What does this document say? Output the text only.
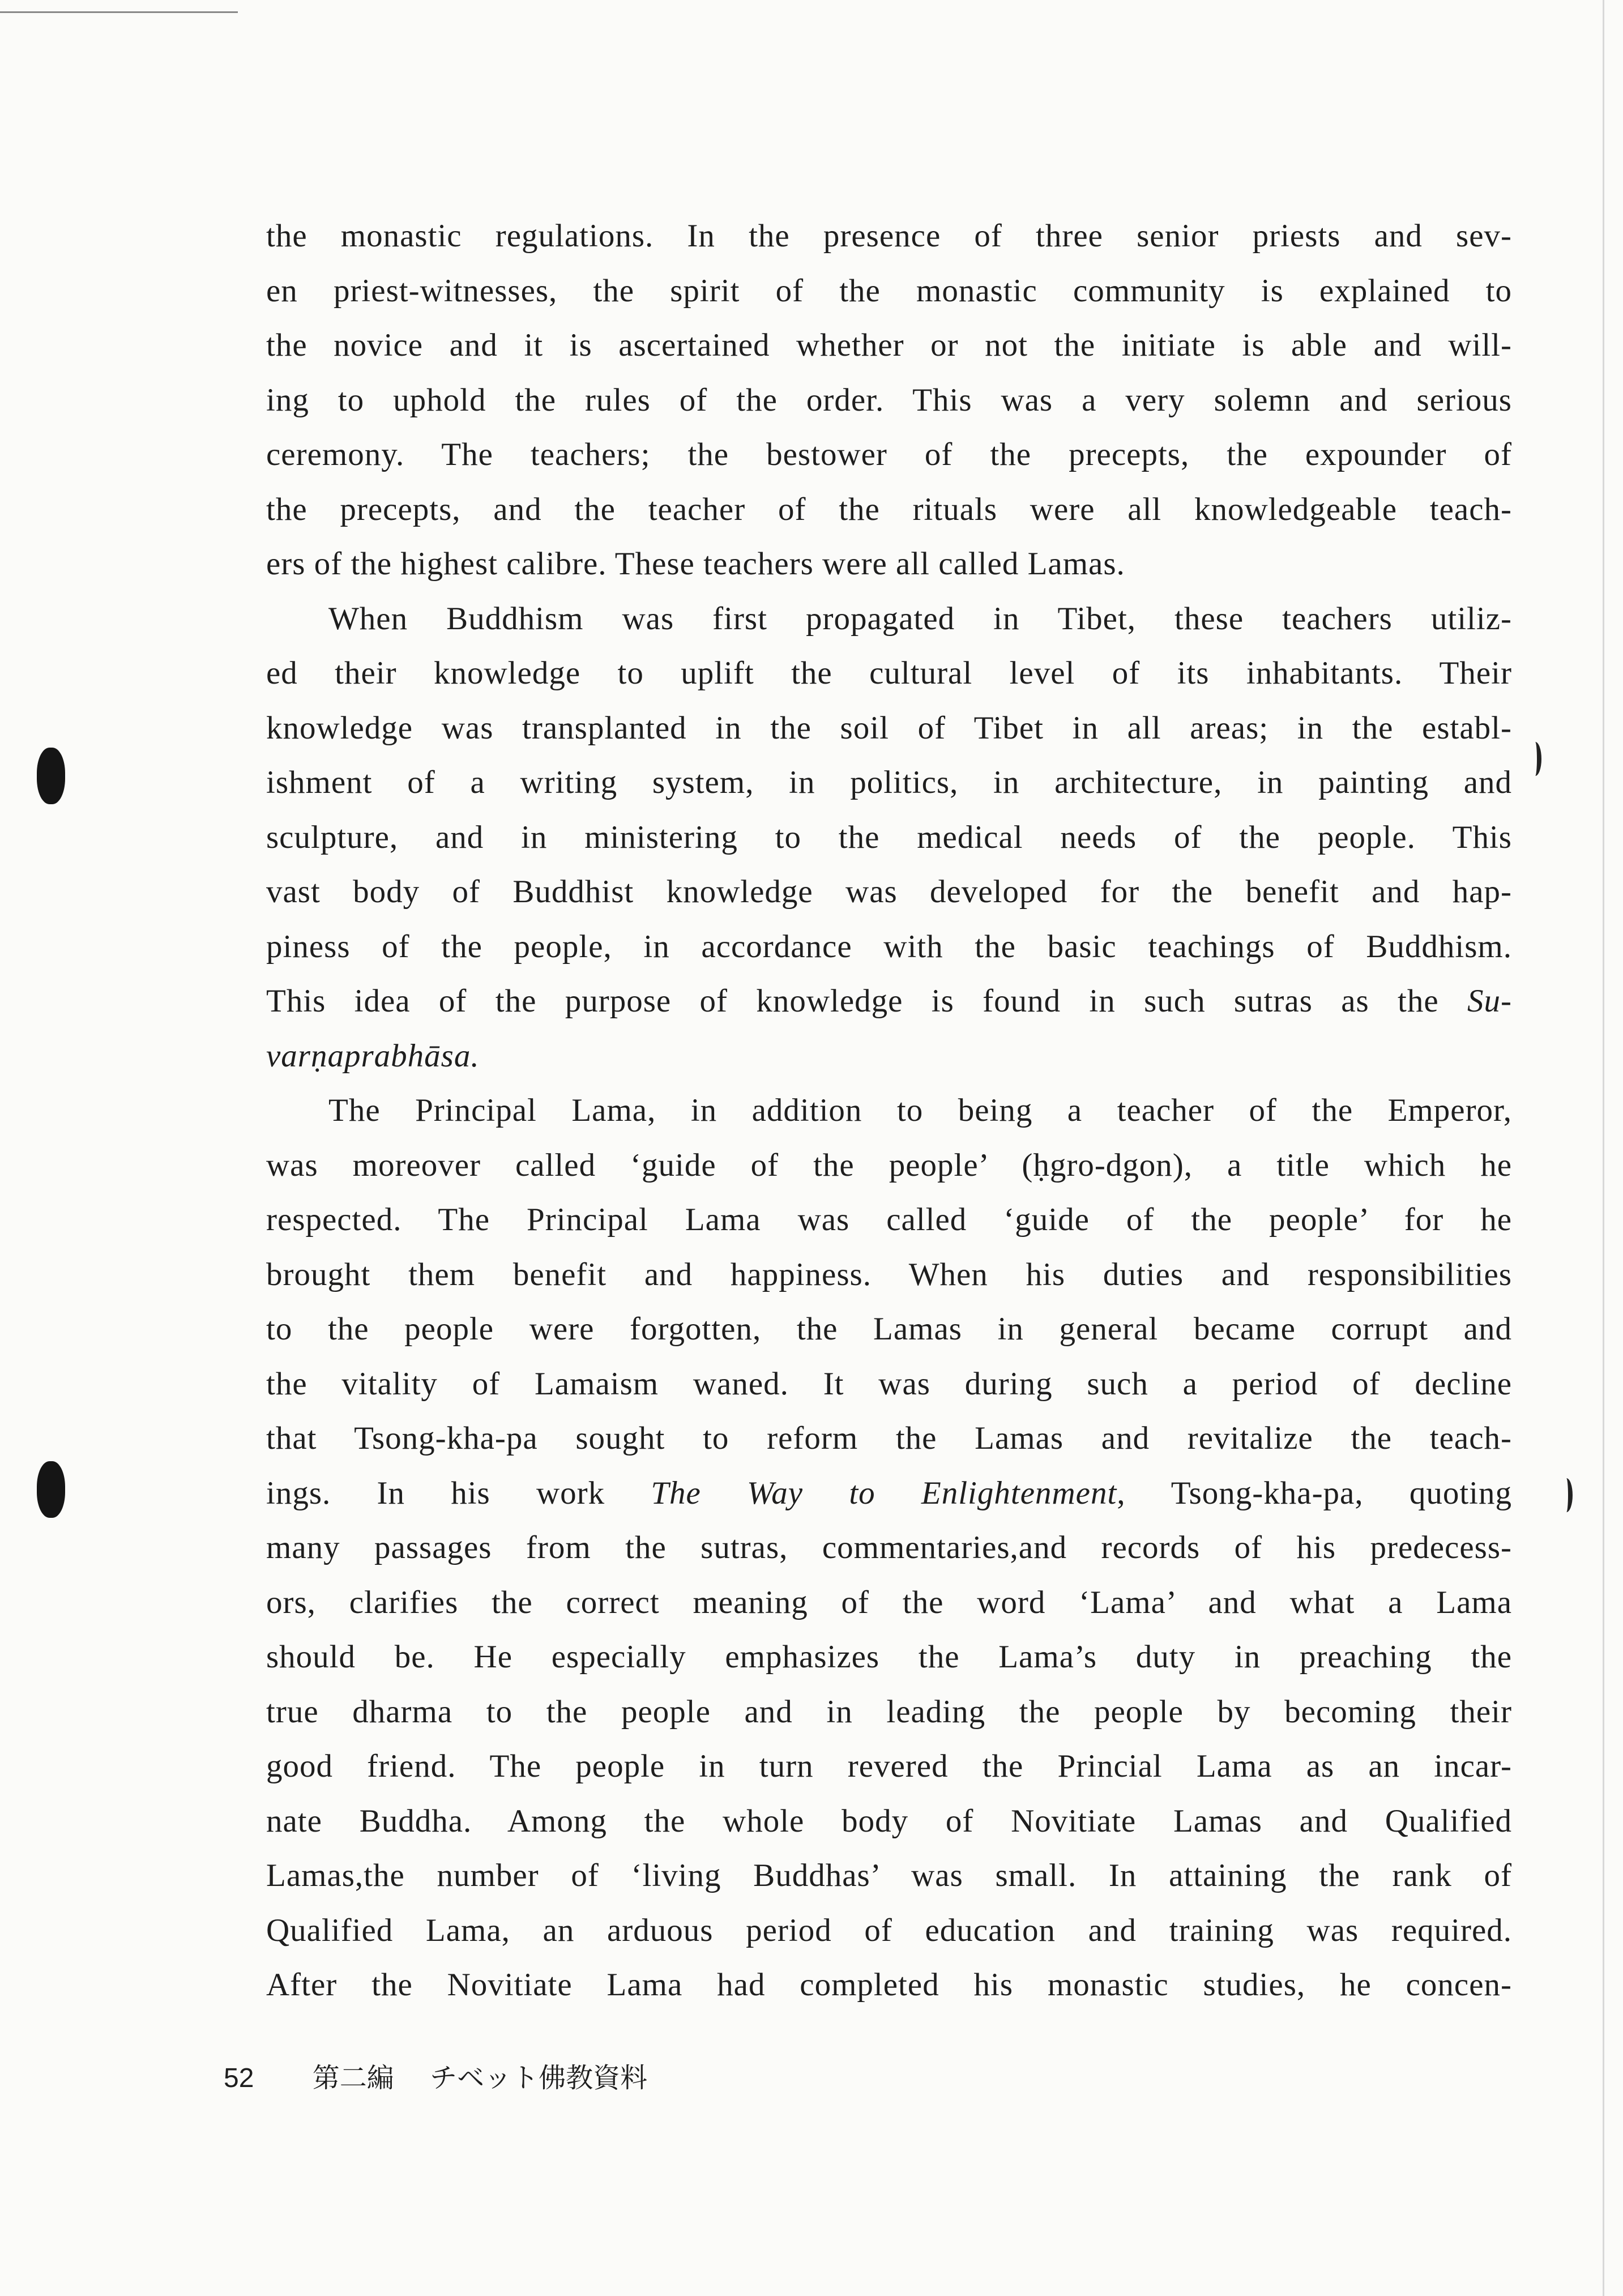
the monastic regulations. In the presence of three senior priests and sev-
en priest-witnesses, the spirit of the monastic community is explained to
the novice and it is ascertained whether or not the initiate is able and will-
ing to uphold the rules of the order. This was a very solemn and serious
ceremony. The teachers; the bestower of the precepts, the expounder of
the precepts, and the teacher of the rituals were all knowledgeable teach-
ers of the highest calibre. These teachers were all called Lamas.
When Buddhism was first propagated in Tibet, these teachers utiliz-
ed their knowledge to uplift the cultural level of its inhabitants. Their
knowledge was transplanted in the soil of Tibet in all areas; in the establ-
ishment of a writing system, in politics, in architecture, in painting and
sculpture, and in ministering to the medical needs of the people. This
vast body of Buddhist knowledge was developed for the benefit and hap-
piness of the people, in accordance with the basic teachings of Buddhism.
This idea of the purpose of knowledge is found in such sutras as the Su-
varṇaprabhāsa.
The Principal Lama, in addition to being a teacher of the Emperor,
was moreover called ‘guide of the people’ (ḥgro-dgon), a title which he
respected. The Principal Lama was called ‘guide of the people’ for he
brought them benefit and happiness. When his duties and responsibilities
to the people were forgotten, the Lamas in general became corrupt and
the vitality of Lamaism waned. It was during such a period of decline
that Tsong-kha-pa sought to reform the Lamas and revitalize the teach-
ings. In his work The Way to Enlightenment, Tsong-kha-pa, quoting
many passages from the sutras, commentaries,and records of his predecess-
ors, clarifies the correct meaning of the word ‘Lama’ and what a Lama
should be. He especially emphasizes the Lama’s duty in preaching the
true dharma to the people and in leading the people by becoming their
good friend. The people in turn revered the Princial Lama as an incar-
nate Buddha. Among the whole body of Novitiate Lamas and Qualified
Lamas,the number of ‘living Buddhas’ was small. In attaining the rank of
Qualified Lama, an arduous period of education and training was required.
After the Novitiate Lama had completed his monastic studies, he concen-
52 第二編 チベット佛教資料
